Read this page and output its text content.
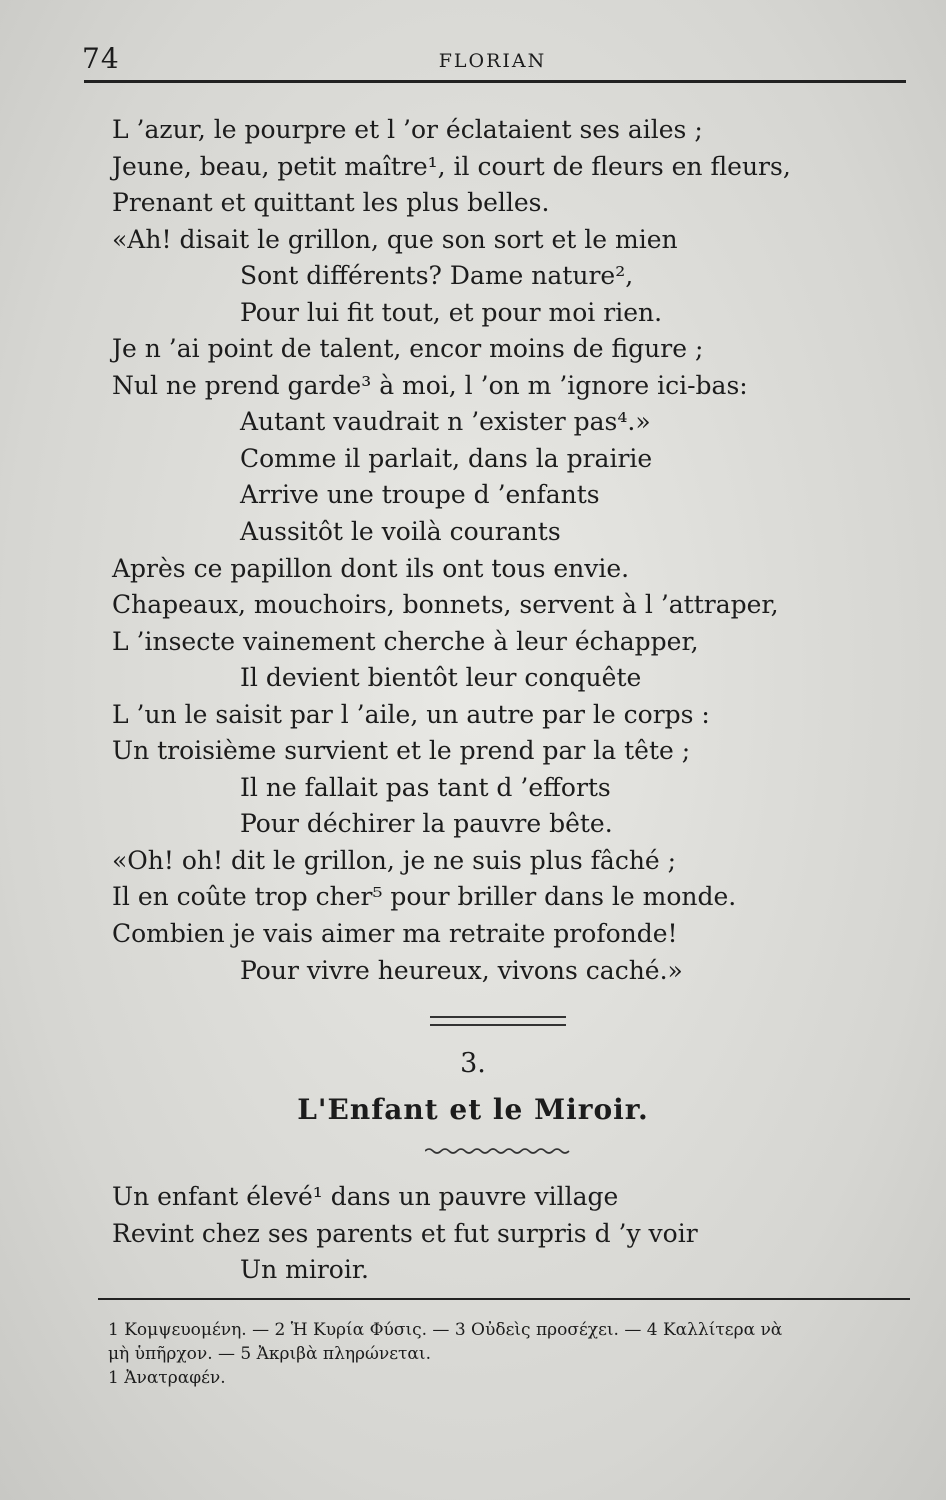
74	FLORIAN
L ’azur, le pourpre et l ’or éclataient ses ailes ;
Jeune, beau, petit maître¹, il court de fleurs en fleurs,
Prenant et quittant les plus belles.
«Ah! disait le grillon, que son sort et le mien
Sont différents? Dame nature²,
Pour lui fit tout, et pour moi rien.
Je n ’ai point de talent, encor moins de figure ;
Nul ne prend garde³ à moi, l ’on m ’ignore ici-bas:
Autant vaudrait n ’exister pas⁴.»
Comme il parlait, dans la prairie
Arrive une troupe d ’enfants
Aussitôt le voilà courants
Après ce papillon dont ils ont tous envie.
Chapeaux, mouchoirs, bonnets, servent à l ’attraper,
L ’insecte vainement cherche à leur échapper,
Il devient bientôt leur conquête
L ’un le saisit par l ’aile, un autre par le corps :
Un troisième survient et le prend par la tête ;
Il ne fallait pas tant d ’efforts
Pour déchirer la pauvre bête.
«Oh! oh! dit le grillon, je ne suis plus fâché ;
Il en coûte trop cher⁵ pour briller dans le monde.
Combien je vais aimer ma retraite profonde!
Pour vivre heureux, vivons caché.»
3.
L'Enfant et le Miroir.
Un enfant élevé¹ dans un pauvre village
Revint chez ses parents et fut surpris d ’y voir
Un miroir.
1 Κομψευομένη. — 2 Ἡ Κυρία Φύσις. — 3 Οὐδεὶς προσέχει. — 4 Καλλίτερα νὰ
μὴ ὑπῆρχον. — 5 Ἀκριβὰ πληρώνεται.
1 Ἀνατραφέν.
